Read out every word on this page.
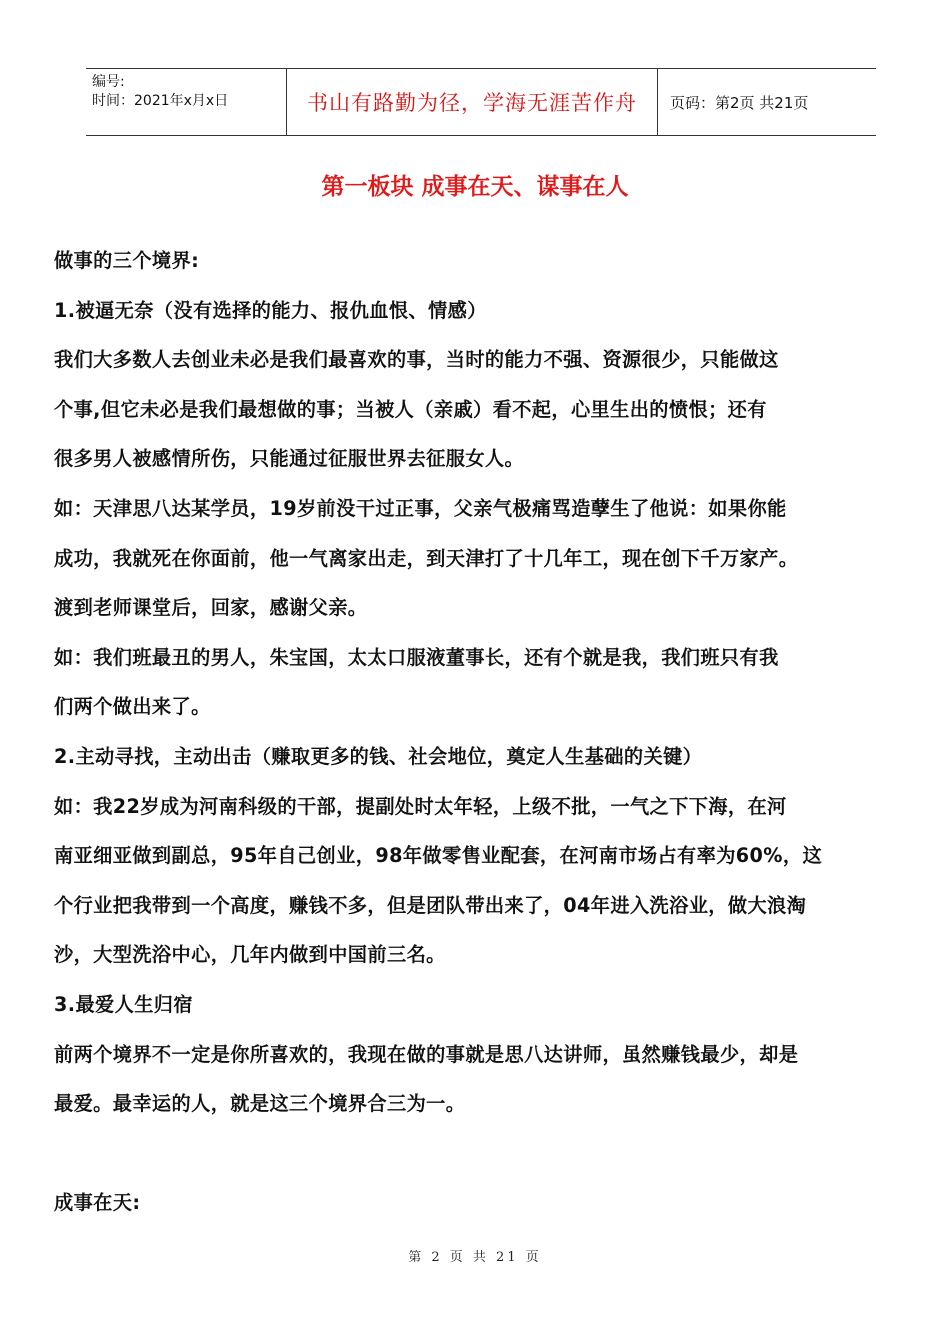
编号:
时间：2021年x月x日	书山有路勤为径，学海无涯苦作舟	页码：第2页 共21页
第一板块 成事在天、谋事在人

做事的三个境界:

1.被逼无奈（没有选择的能力、报仇血恨、情感）

我们大多数人去创业未必是我们最喜欢的事，当时的能力不强、资源很少，只能做这

个事,但它未必是我们最想做的事；当被人（亲戚）看不起，心里生出的愤恨；还有

很多男人被感情所伤，只能通过征服世界去征服女人。

如：天津思八达某学员，19岁前没干过正事，父亲气极痛骂造孽生了他说：如果你能

成功，我就死在你面前，他一气离家出走，到天津打了十几年工，现在创下千万家产。

渡到老师课堂后，回家，感谢父亲。

如：我们班最丑的男人，朱宝国，太太口服液董事长，还有个就是我，我们班只有我

们两个做出来了。

2.主动寻找，主动出击（赚取更多的钱、社会地位，奠定人生基础的关键）

如：我22岁成为河南科级的干部，提副处时太年轻，上级不批，一气之下下海，在河

南亚细亚做到副总，95年自己创业，98年做零售业配套，在河南市场占有率为60%，这

个行业把我带到一个高度，赚钱不多，但是团队带出来了，04年进入洗浴业，做大浪淘

沙，大型洗浴中心，几年内做到中国前三名。

3.最爱人生归宿

前两个境界不一定是你所喜欢的，我现在做的事就是思八达讲师，虽然赚钱最少，却是

最爱。最幸运的人，就是这三个境界合三为一。

成事在天:

第 2 页 共 21 页
